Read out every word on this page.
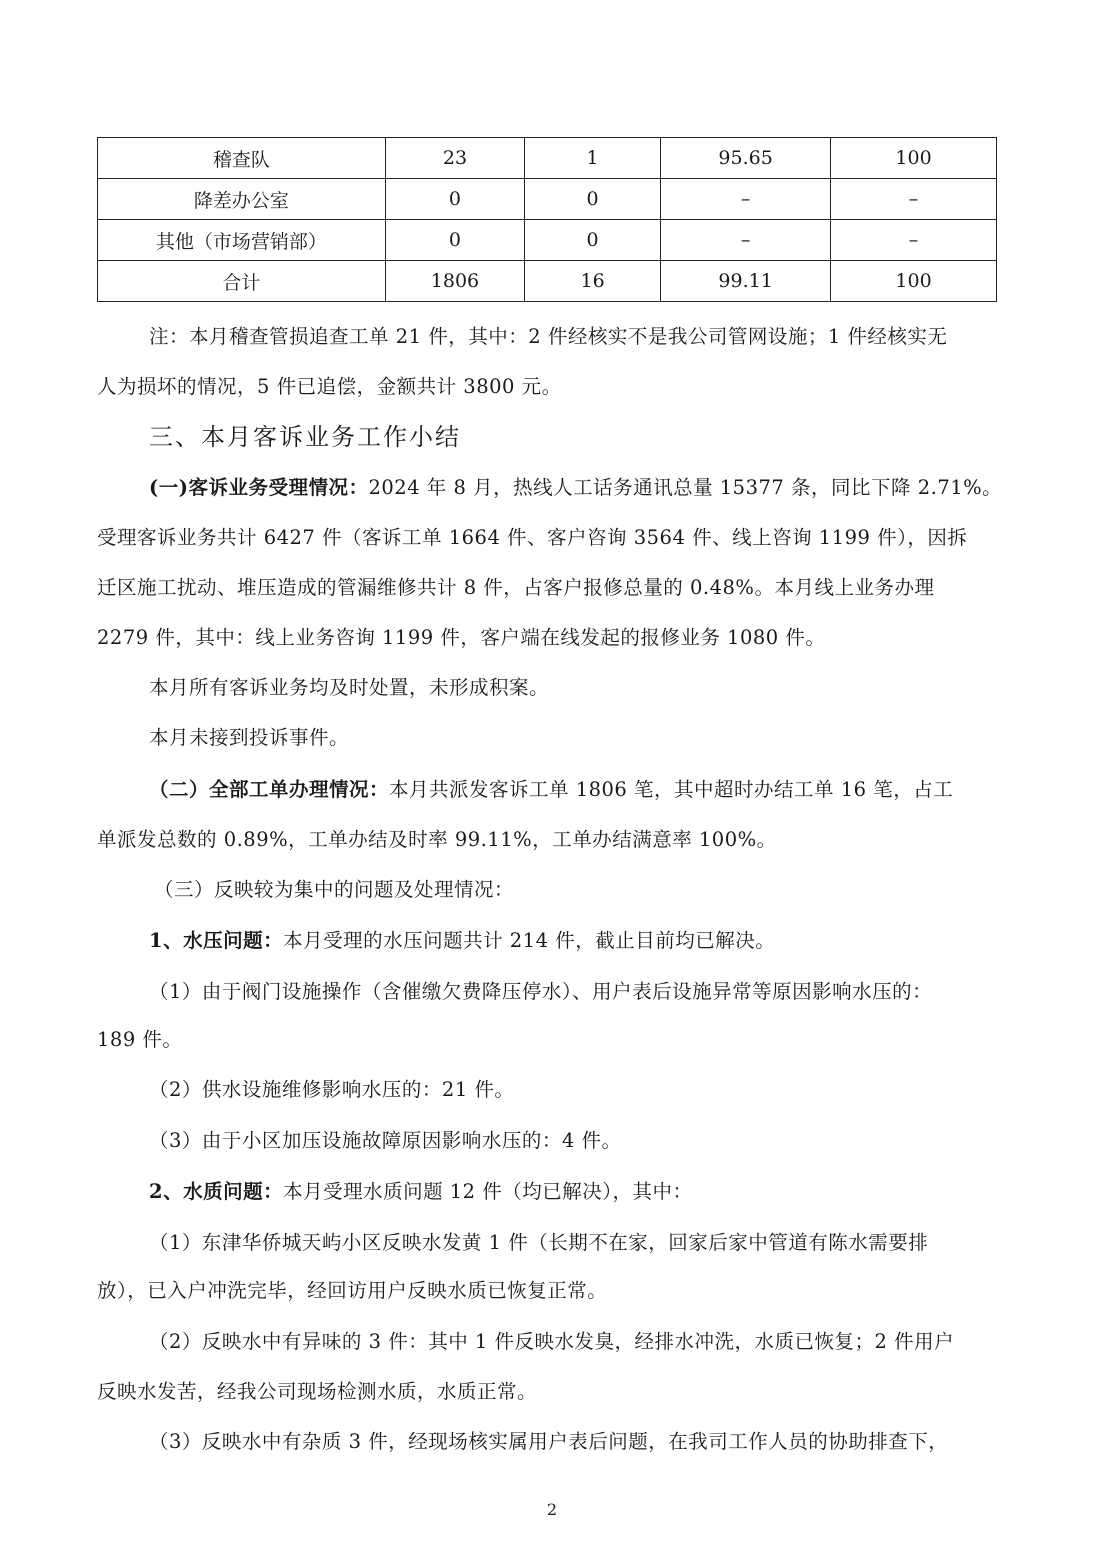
稽查队	23	1	95.65	100
降差办公室	0	0	–	–
其他（市场营销部）	0	0	–	–
合计	1806	16	99.11	100

注：本月稽查管损追查工单 21 件，其中：2 件经核实不是我公司管网设施；1 件经核实无

人为损坏的情况，5 件已追偿，金额共计 3800 元。

三、本月客诉业务工作小结

(一)客诉业务受理情况：2024 年 8 月，热线人工话务通讯总量 15377 条，同比下降 2.71%。

受理客诉业务共计 6427 件（客诉工单 1664 件、客户咨询 3564 件、线上咨询 1199 件），因拆

迁区施工扰动、堆压造成的管漏维修共计 8 件，占客户报修总量的 0.48%。本月线上业务办理

2279 件，其中：线上业务咨询 1199 件，客户端在线发起的报修业务 1080 件。

本月所有客诉业务均及时处置，未形成积案。

本月未接到投诉事件。

（二）全部工单办理情况：本月共派发客诉工单 1806 笔，其中超时办结工单 16 笔，占工

单派发总数的 0.89%，工单办结及时率 99.11%，工单办结满意率 100%。

（三）反映较为集中的问题及处理情况：

1、水压问题：本月受理的水压问题共计 214 件，截止目前均已解决。

（1）由于阀门设施操作（含催缴欠费降压停水）、用户表后设施异常等原因影响水压的：

189 件。

（2）供水设施维修影响水压的：21 件。

（3）由于小区加压设施故障原因影响水压的：4 件。

2、水质问题：本月受理水质问题 12 件（均已解决），其中：

（1）东津华侨城天屿小区反映水发黄 1 件（长期不在家，回家后家中管道有陈水需要排

放），已入户冲洗完毕，经回访用户反映水质已恢复正常。

（2）反映水中有异味的 3 件：其中 1 件反映水发臭，经排水冲洗，水质已恢复；2 件用户

反映水发苦，经我公司现场检测水质，水质正常。

（3）反映水中有杂质 3 件，经现场核实属用户表后问题，在我司工作人员的协助排查下，

2
